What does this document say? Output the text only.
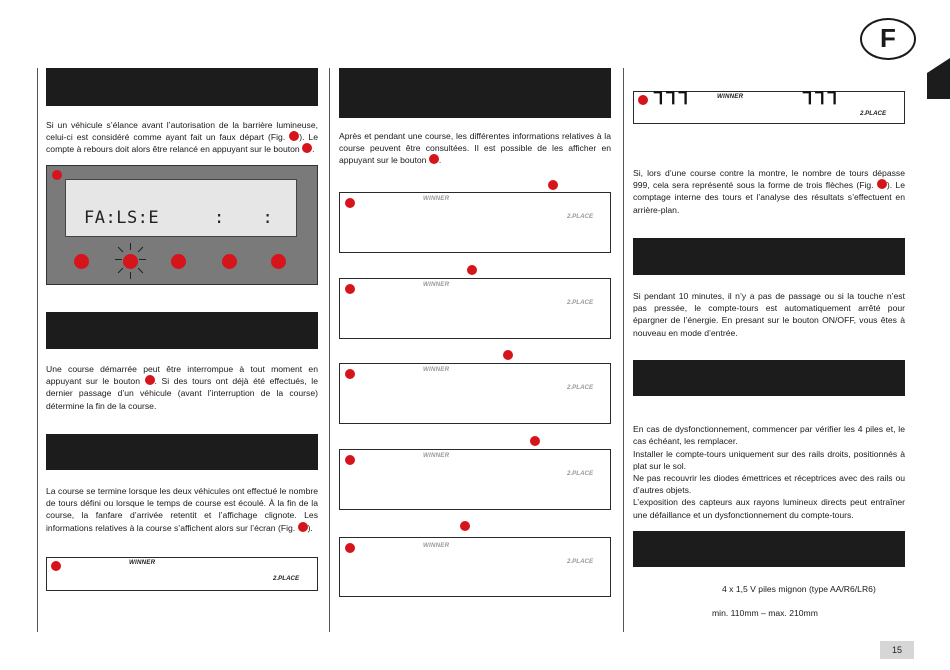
F
Si un véhicule s’élance avant l’autorisation de la barrière lumineuse, celui-ci est considéré comme ayant fait un faux départ (Fig. ). Le compte à rebours doit alors être relancé en appuyant sur le bouton .
FA:LS:E	: :
Une course démarrée peut être interrompue à tout moment en appuyant sur le bouton . Si des tours ont déjà été effectués, le dernier passage d’un véhicule (avant l’interruption de la course) détermine la fin de la course.
La course se termine lorsque les deux véhicules ont effectué le nombre de tours défini ou lorsque le temps de course est écoulé. À la fin de la course, la fanfare d’arrivée retentit et l’affichage clignote. Les informations relatives à la course s’affichent alors sur l’écran (Fig. ).
WINNER
2.PLACE
Après et pendant une course, les différentes informations relatives à la course peuvent être consultées. Il est possible de les afficher en appuyant sur le bouton .
WINNER
2.PLACE
WINNER
2.PLACE
WINNER
2.PLACE
WINNER
2.PLACE
WINNER
2.PLACE
ᒣᒣᒣ	WINNER	ᒣᒣᒣ
2.PLACE
Si, lors d’une course contre la montre, le nombre de tours dépasse 999, cela sera représenté sous la forme de trois flèches (Fig. ). Le comptage interne des tours et l’analyse des résultats s’effectuent en arrière-plan.
Si pendant 10 minutes, il n’y a pas de passage ou si la touche n’est pas pressée, le compte-tours est automatiquement arrêté pour épargner de l’énergie. En presant sur le bouton ON/OFF, vous êtes à nouveau en mode d’entrée.

En cas de dysfonctionnement, commencer par vérifier les 4 piles et, le cas échéant, les remplacer.
Installer le compte-tours uniquement sur des rails droits, positionnés à plat sur le sol.
Ne pas recouvrir les diodes émettrices et réceptrices avec des rails ou d’autres objets.
L’exposition des capteurs aux rayons lumineux directs peut entraîner une défaillance et un dysfonctionnement du compte-tours.

4 x 1,5 V piles mignon (type AA/R6/LR6)
min. 110mm – max. 210mm
15
